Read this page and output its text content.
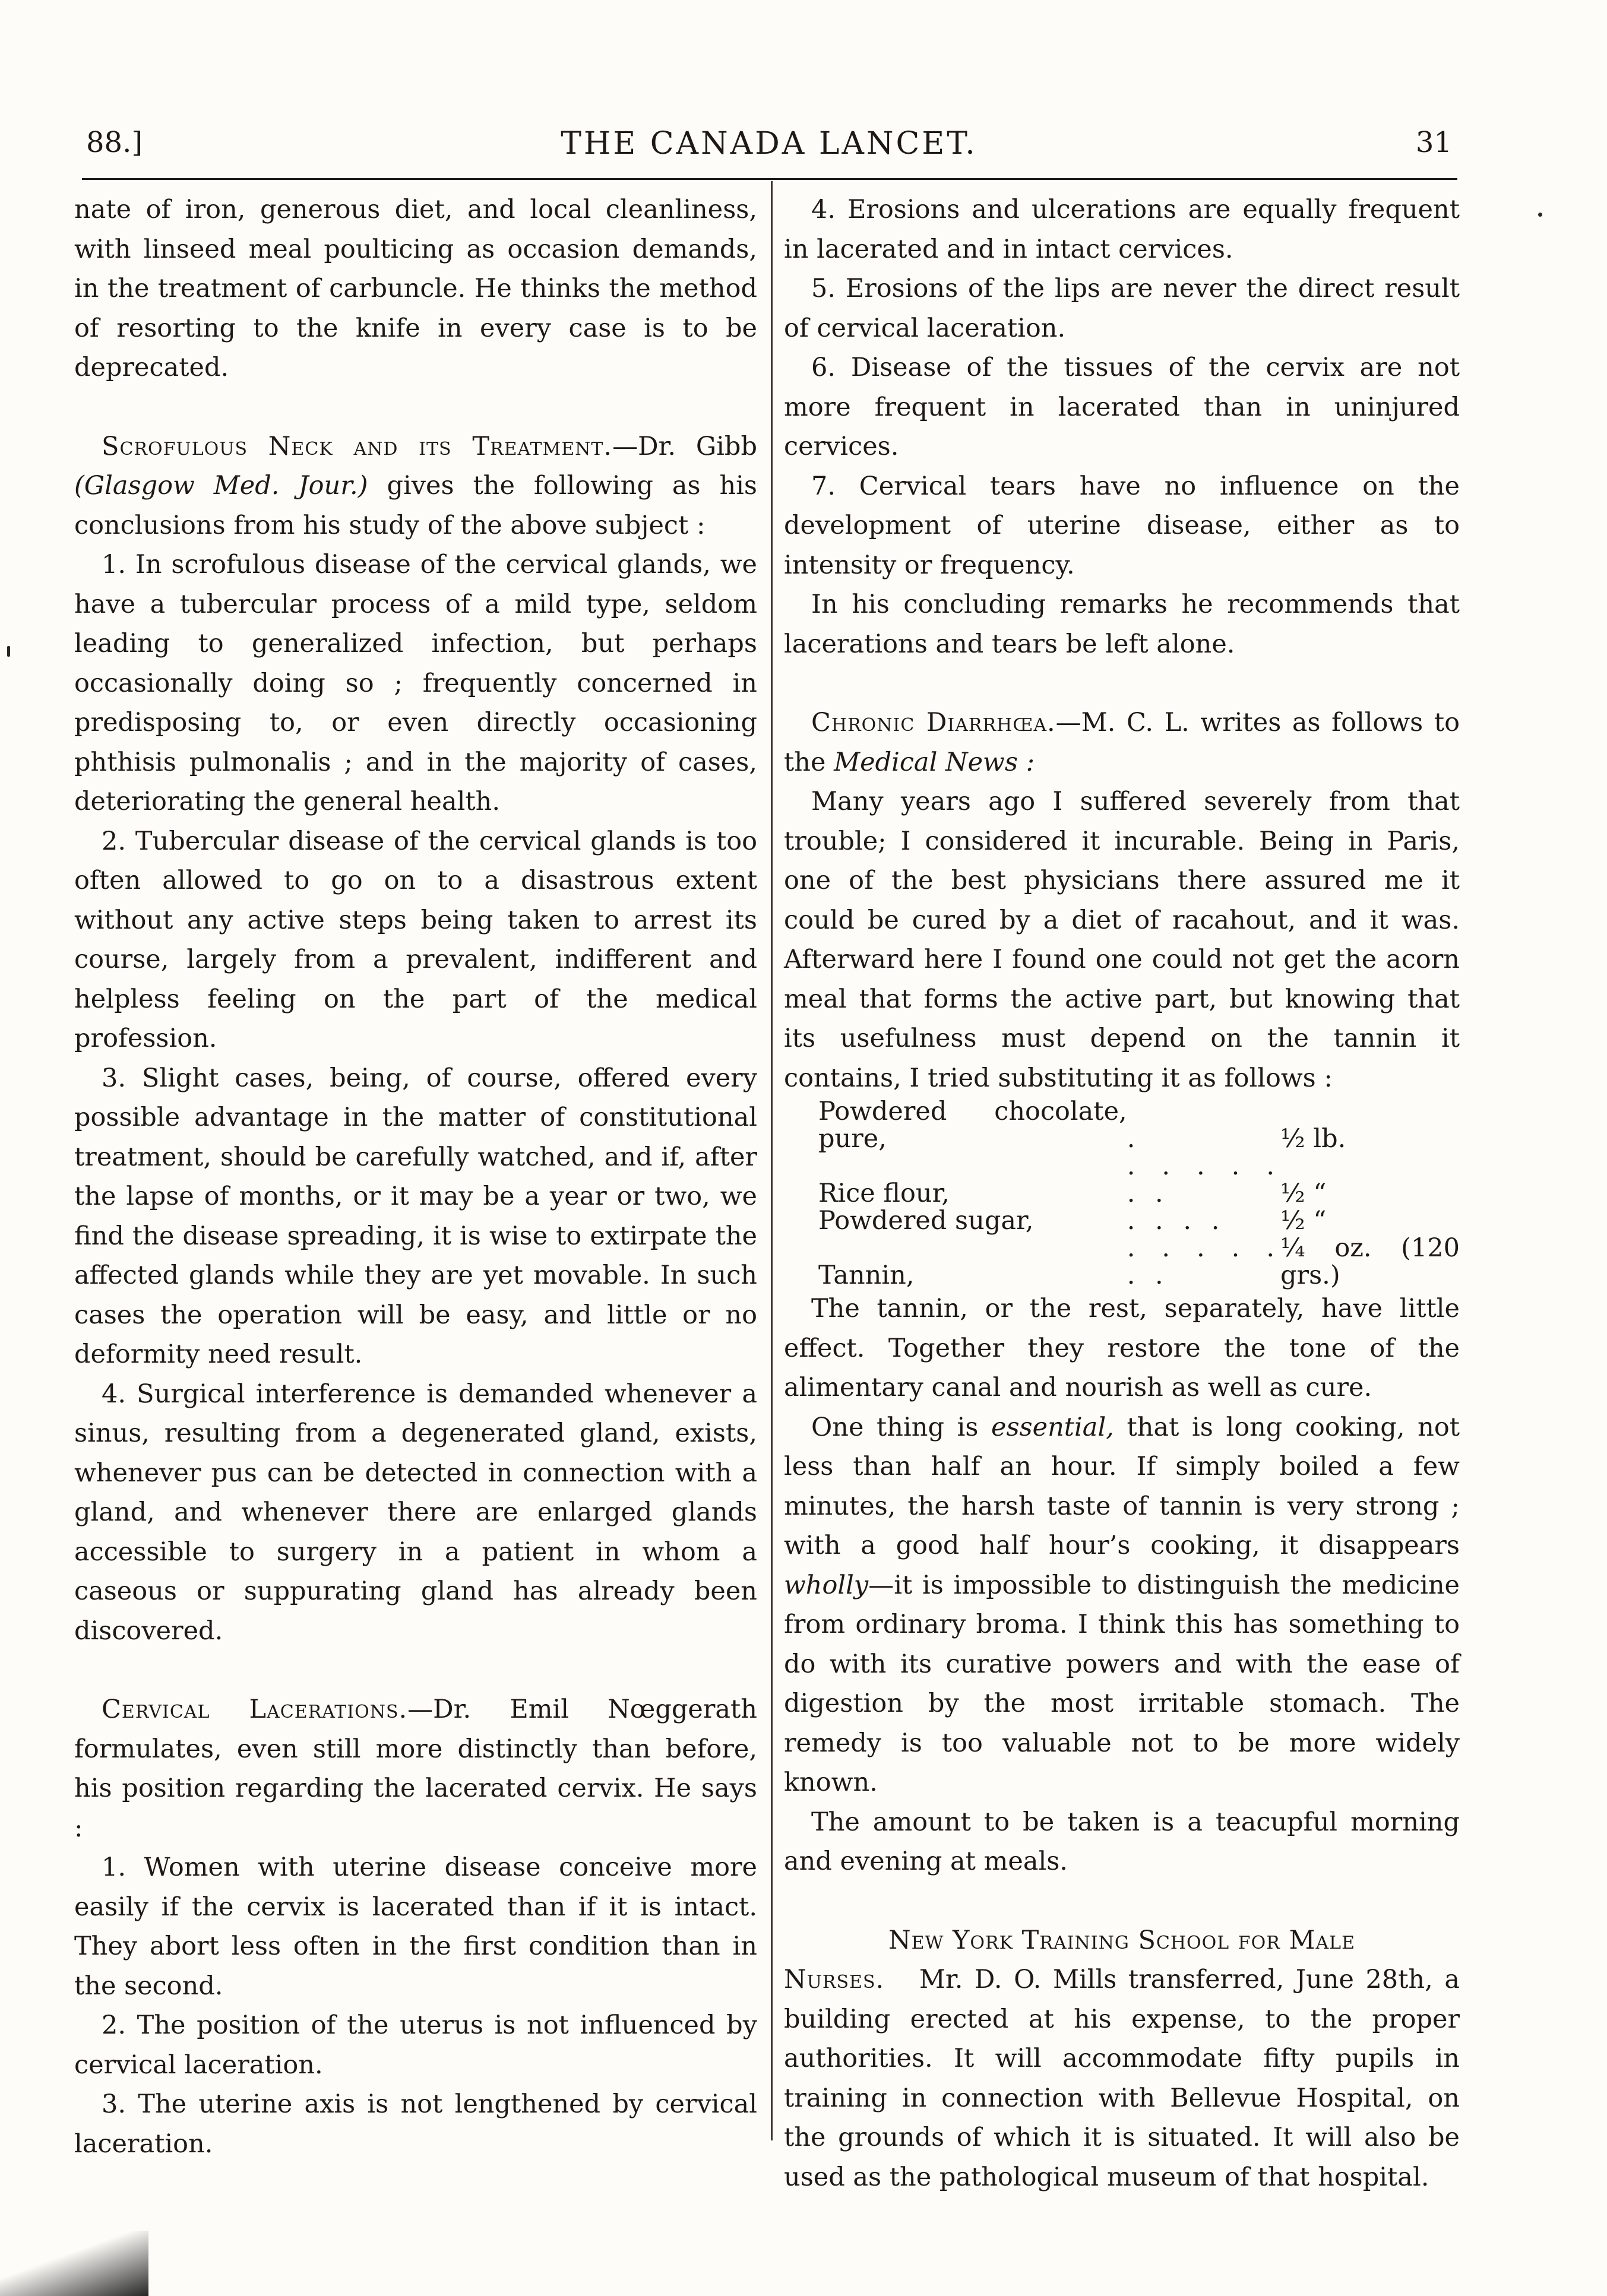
88.]	THE CANADA LANCET.	31

nate of iron, generous diet, and local cleanliness, with linseed meal poulticing as occasion demands, in the treatment of carbuncle. He thinks the method of resorting to the knife in every case is to be deprecated.

Scrofulous Neck and its Treatment.—Dr. Gibb (Glasgow Med. Jour.) gives the following as his conclusions from his study of the above subject :

1. In scrofulous disease of the cervical glands, we have a tubercular process of a mild type, seldom leading to generalized infection, but perhaps occasionally doing so ; frequently concerned in predisposing to, or even directly occasioning phthisis pulmonalis ; and in the majority of cases, deteriorating the general health.

2. Tubercular disease of the cervical glands is too often allowed to go on to a disastrous extent without any active steps being taken to arrest its course, largely from a prevalent, indifferent and helpless feeling on the part of the medical profession.

3. Slight cases, being, of course, offered every possible advantage in the matter of constitutional treatment, should be carefully watched, and if, after the lapse of months, or it may be a year or two, we find the disease spreading, it is wise to extirpate the affected glands while they are yet movable. In such cases the operation will be easy, and little or no deformity need result.

4. Surgical interference is demanded whenever a sinus, resulting from a degenerated gland, exists, whenever pus can be detected in connection with a gland, and whenever there are enlarged glands accessible to surgery in a patient in whom a caseous or suppurating gland has already been discovered.

Cervical Lacerations.—Dr. Emil Nœggerath formulates, even still more distinctly than before, his position regarding the lacerated cervix. He says :

1. Women with uterine disease conceive more easily if the cervix is lacerated than if it is intact. They abort less often in the first condition than in the second.

2. The position of the uterus is not influenced by cervical laceration.

3. The uterine axis is not lengthened by cervical laceration.

4. Erosions and ulcerations are equally frequent in lacerated and in intact cervices.

5. Erosions of the lips are never the direct result of cervical laceration.

6. Disease of the tissues of the cervix are not more frequent in lacerated than in uninjured cervices.

7. Cervical tears have no influence on the development of uterine disease, either as to intensity or frequency.

In his concluding remarks he recommends that lacerations and tears be left alone.

Chronic Diarrhœa.—M. C. L. writes as follows to the Medical News :

Many years ago I suffered severely from that trouble; I considered it incurable. Being in Paris, one of the best physicians there assured me it could be cured by a diet of racahout, and it was. Afterward here I found one could not get the acorn meal that forms the active part, but knowing that its usefulness must depend on the tannin it contains, I tried substituting it as follows :

Powdered chocolate, pure,	.	½ lb.
Rice flour,	. . . . . . .	½ “
Powdered sugar,	. . . .	½ “
Tannin,	. . . . . . .	¼ oz. (120 grs.)

The tannin, or the rest, separately, have little effect. Together they restore the tone of the alimentary canal and nourish as well as cure.

One thing is essential, that is long cooking, not less than half an hour. If simply boiled a few minutes, the harsh taste of tannin is very strong ; with a good half hour’s cooking, it disappears wholly—it is impossible to distinguish the medicine from ordinary broma. I think this has something to do with its curative powers and with the ease of digestion by the most irritable stomach. The remedy is too valuable not to be more widely known.

The amount to be taken is a teacupful morning and evening at meals.

New York Training School for Male

Nurses. Mr. D. O. Mills transferred, June 28th, a building erected at his expense, to the proper authorities. It will accommodate fifty pupils in training in connection with Bellevue Hospital, on the grounds of which it is situated. It will also be used as the pathological museum of that hospital.
